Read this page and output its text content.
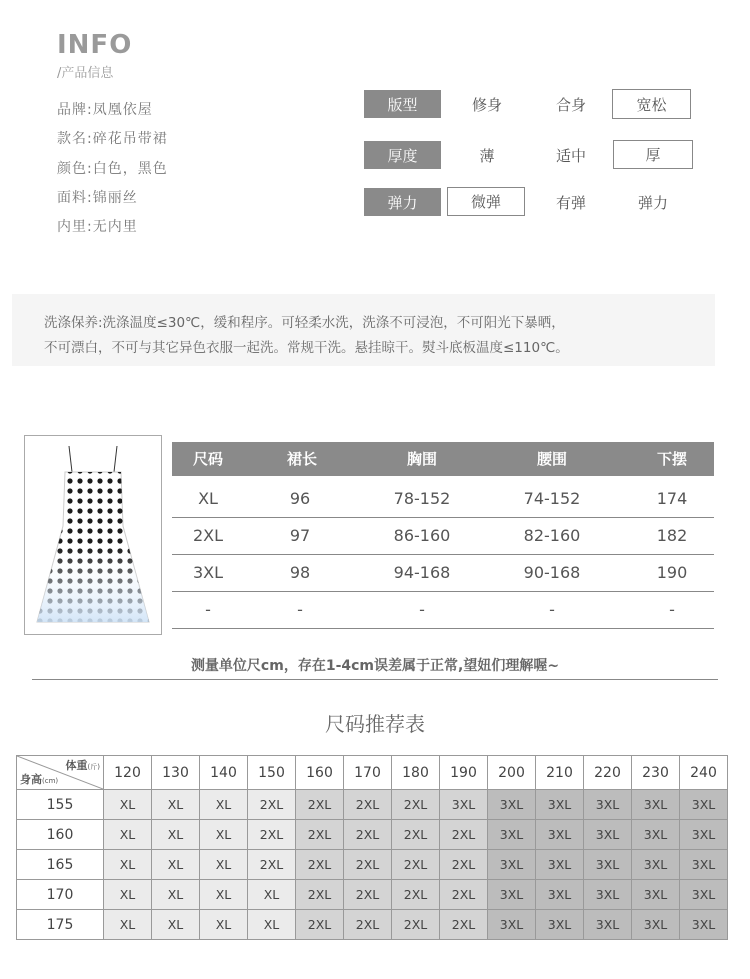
INFO
/产品信息
品牌:凤凰依屋
款名:碎花吊带裙
颜色:白色，黑色
面料:锦丽丝
内里:无内里
版型	修身	合身	宽松
厚度	薄	适中	厚
弹力	微弹	有弹	弹力

洗涤保养:洗涤温度≤30℃，缓和程序。可轻柔水洗，洗涤不可浸泡，不可阳光下暴晒，

不可漂白，不可与其它异色衣服一起洗。常规干洗。悬挂晾干。熨斗底板温度≤110℃。

尺码	裙长	胸围	腰围	下摆
XL	96	78-152	74-152	174
2XL	97	86-160	82-160	182
3XL	98	94-168	90-168	190
-	-	-	-	-
测量单位尺cm，存在1-4cm误差属于正常,望妞们理解喔~
尺码推荐表
体重(斤)
身高(cm)	120	130	140	150	160	170	180	190	200	210	220	230	240
155	XL	XL	XL	2XL	2XL	2XL	2XL	3XL	3XL	3XL	3XL	3XL	3XL
160	XL	XL	XL	2XL	2XL	2XL	2XL	2XL	3XL	3XL	3XL	3XL	3XL
165	XL	XL	XL	2XL	2XL	2XL	2XL	2XL	3XL	3XL	3XL	3XL	3XL
170	XL	XL	XL	XL	2XL	2XL	2XL	2XL	3XL	3XL	3XL	3XL	3XL
175	XL	XL	XL	XL	2XL	2XL	2XL	2XL	3XL	3XL	3XL	3XL	3XL
